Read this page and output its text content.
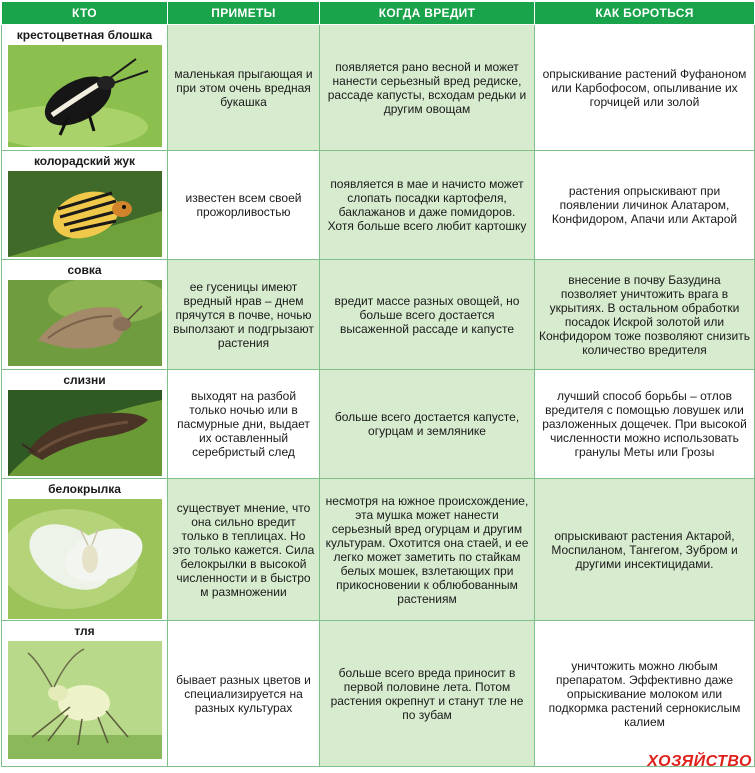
КТО	ПРИМЕТЫ	КОГДА ВРЕДИТ	КАК БОРОТЬСЯ

крестоцветная блошка	маленькая прыгающая и при этом очень вредная букашка	появляется рано весной и может нанести серьезный вред редиске, рассаде капусты, всходам редьки и другим овощам	опрыскивание растений Фуфаноном или Карбофосом, опыливание их горчицей или золой

колорадский жук	известен всем своей прожорливостью	появляется в мае и начисто может слопать посадки картофеля, баклажанов и даже помидоров. Хотя больше всего любит картошку	растения опрыскивают при появлении личинок Алатаром, Конфидором, Апачи или Актарой

совка	ее гусеницы имеют вредный нрав – днем прячутся в почве, ночью выползают и подгрызают растения	вредит массе разных овощей, но больше всего достается высаженной рассаде и капусте	внесение в почву Базудина позволяет уничтожить врага в укрытиях. В остальном обработки посадок Искрой золотой или Конфидором тоже позволяют снизить количество вредителя

слизни	выходят на разбой только ночью или в пасмурные дни, выдает их оставленный серебристый след	больше всего достается капусте, огурцам и землянике	лучший способ борьбы – отлов вредителя с помощью ловушек или разложенных дощечек. При высокой численности можно использовать гранулы Меты или Грозы

белокрылка	существует мнение, что она сильно вредит только в теплицах. Но это только кажется. Сила белокрылки в высокой численности и в быстро м размножении	несмотря на южное происхождение, эта мушка может нанести серьезный вред огурцам и другим культурам. Охотится она стаей, и ее легко может заметить по стайкам белых мошек, взлетающих при прикосновении к облюбованным растениям	опрыскивают растения Актарой, Моспиланом, Тангегом, Зубром и другими инсектицидами.

тля	бывает разных цветов и специализируется на разных культурах	больше всего вреда приносит в первой половине лета. Потом растения окрепнут и станут тле не по зубам	уничтожить можно любым препаратом. Эффективно даже опрыскивание молоком или подкормка растений сернокислым калием
ХОЗЯЙСТВО
